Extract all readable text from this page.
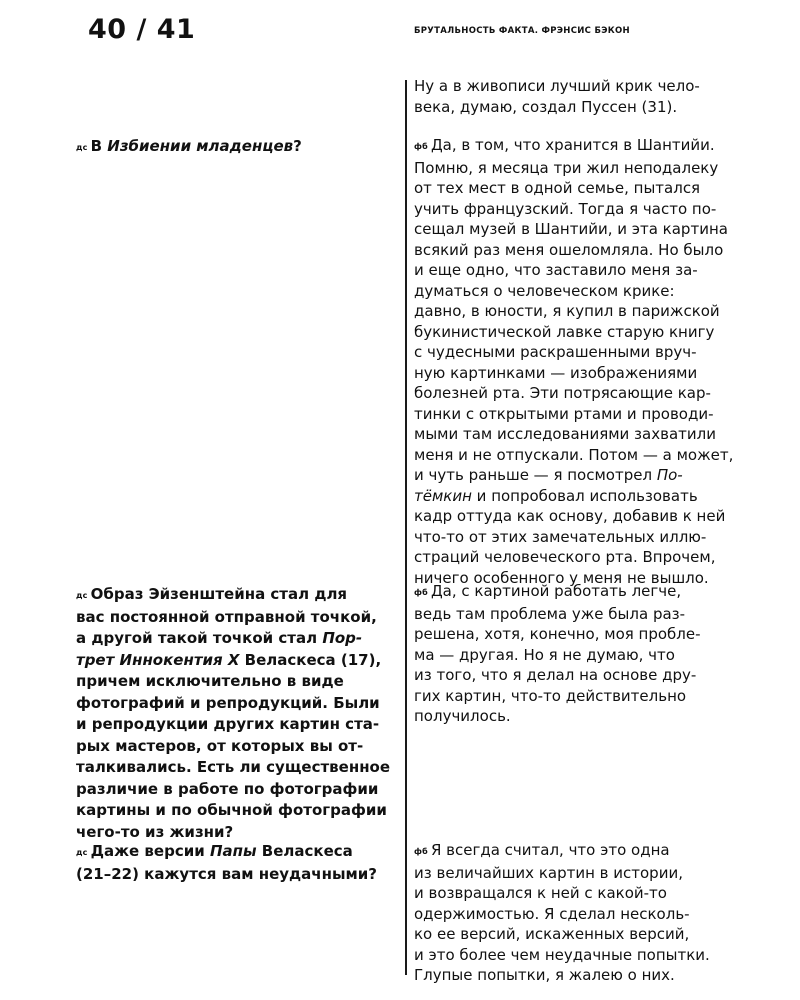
40 / 41	БРУТАЛЬНОСТЬ ФАКТА. ФРЭНСИС БЭКОН
Ну а в живописи лучший крик чело-
века, думаю, создал Пуссен (31).
дс В Избиении младенцев?	фб Да, в том, что хранится в Шантийи.
Помню, я месяца три жил неподалеку
от тех мест в одной семье, пытался
учить французский. Тогда я часто по-
сещал музей в Шантийи, и эта картина
всякий раз меня ошеломляла. Но было
и еще одно, что заставило меня за-
думаться о человеческом крике:
давно, в юности, я купил в парижской
букинистической лавке старую книгу
с чудесными раскрашенными вруч-
ную картинками — изображениями
болезней рта. Эти потрясающие кар-
тинки с открытыми ртами и проводи-
мыми там исследованиями захватили
меня и не отпускали. Потом — а может,
и чуть раньше — я посмотрел По-
тёмкин и попробовал использовать
кадр оттуда как основу, добавив к ней
что-то от этих замечательных иллю-
страций человеческого рта. Впрочем,
ничего особенного у меня не вышло.
дс Образ Эйзенштейна стал для
вас постоянной отправной точкой,
а другой такой точкой стал Пор-
трет Иннокентия X Веласкеса (17),
причем исключительно в виде
фотографий и репродукций. Были
и репродукции других картин ста-
рых мастеров, от которых вы от-
талкивались. Есть ли существенное
различие в работе по фотографии
картины и по обычной фотографии
чего-то из жизни?
фб Да, с картиной работать легче,
ведь там проблема уже была раз-
решена, хотя, конечно, моя пробле-
ма — другая. Но я не думаю, что
из того, что я делал на основе дру-
гих картин, что-то действительно
получилось.
дс Даже версии Папы Веласкеса
(21–22) кажутся вам неудачными?
фб Я всегда считал, что это одна
из величайших картин в истории,
и возвращался к ней с какой-то
одержимостью. Я сделал несколь-
ко ее версий, искаженных версий,
и это более чем неудачные попытки.
Глупые попытки, я жалею о них.
